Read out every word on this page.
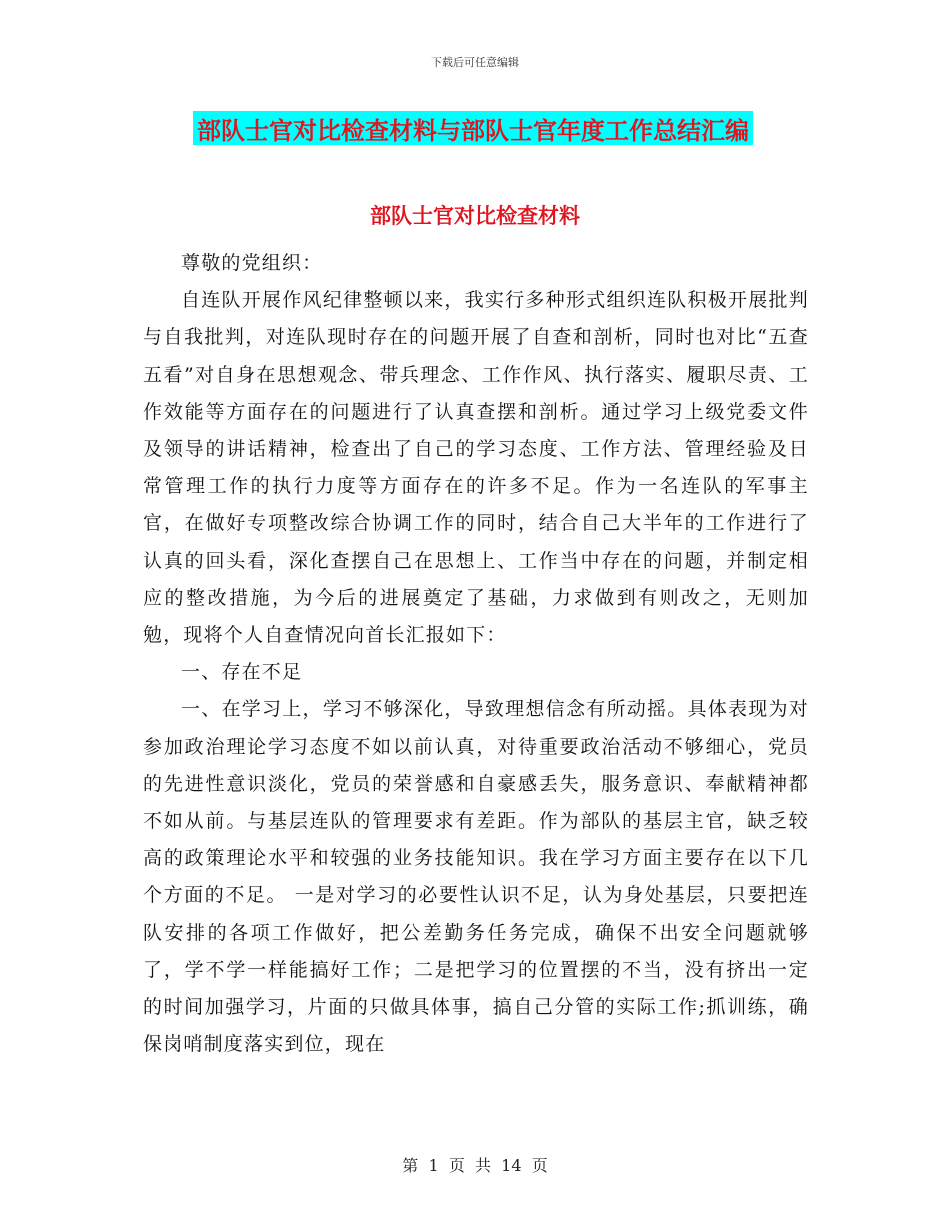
下载后可任意编辑
部队士官对比检查材料与部队士官年度工作总结汇编
部队士官对比检查材料

尊敬的党组织：

自连队开展作风纪律整顿以来，我实行多种形式组织连队积极开展批判与自我批判，对连队现时存在的问题开展了自查和剖析，同时也对比“五查五看”对自身在思想观念、带兵理念、工作作风、执行落实、履职尽责、工作效能等方面存在的问题进行了认真查摆和剖析。通过学习上级党委文件及领导的讲话精神，检查出了自己的学习态度、工作方法、管理经验及日常管理工作的执行力度等方面存在的许多不足。作为一名连队的军事主官，在做好专项整改综合协调工作的同时，结合自己大半年的工作进行了认真的回头看，深化查摆自己在思想上、工作当中存在的问题，并制定相应的整改措施，为今后的进展奠定了基础，力求做到有则改之，无则加勉，现将个人自查情况向首长汇报如下：

一、存在不足

一、在学习上，学习不够深化，导致理想信念有所动摇。具体表现为对参加政治理论学习态度不如以前认真，对待重要政治活动不够细心，党员的先进性意识淡化，党员的荣誉感和自豪感丢失，服务意识、奉献精神都不如从前。与基层连队的管理要求有差距。作为部队的基层主官，缺乏较高的政策理论水平和较强的业务技能知识。我在学习方面主要存在以下几个方面的不足。 一是对学习的必要性认识不足，认为身处基层，只要把连队安排的各项工作做好，把公差勤务任务完成，确保不出安全问题就够了，学不学一样能搞好工作；二是把学习的位置摆的不当，没有挤出一定的时间加强学习，片面的只做具体事，搞自己分管的实际工作;抓训练，确保岗哨制度落实到位，现在

第  1  页  共  14  页
